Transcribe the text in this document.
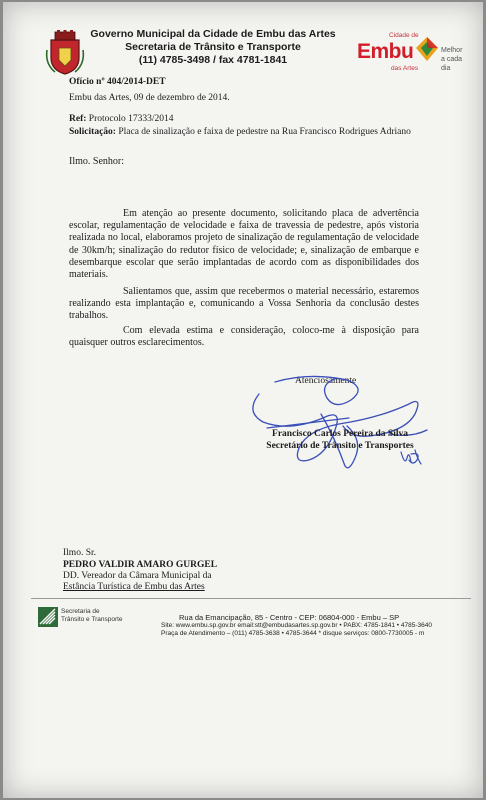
Governo Municipal da Cidade de Embu das Artes
Secretaria de Trânsito e Transporte
(11) 4785-3498 / fax 4781-1841
Cidade de
Embu
das Artes
Melhor
a cada dia
Ofício nº 404/2014-DET
Embu das Artes, 09 de dezembro de 2014.
Ref: Protocolo 17333/2014
Solicitação: Placa de sinalização e faixa de pedestre na Rua Francisco Rodrigues Adriano
Ilmo. Senhor:
Em atenção ao presente documento, solicitando placa de advertência escolar, regulamentação de velocidade e faixa de travessia de pedestre, após vistoria realizada no local, elaboramos projeto de sinalização de regulamentação de velocidade de 30km/h; sinalização do redutor físico de velocidade; e, sinalização de embarque e desembarque escolar que serão implantadas de acordo com as disponibilidades dos materiais.
Salientamos que, assim que recebermos o material necessário, estaremos realizando esta implantação e, comunicando a Vossa Senhoria da conclusão destes trabalhos.
Com elevada estima e consideração, coloco-me à disposição para quaisquer outros esclarecimentos.
Atenciosamente
Francisco Carlos Pereira da Silva
Secretário de Trânsito e Transportes
Ilmo. Sr.
PEDRO VALDIR AMARO GURGEL
DD. Vereador da Câmara Municipal da
Estância Turística de Embu das Artes
Secretaria de
Trânsito e Transporte	Rua da Emancipação, 85 - Centro - CEP: 06804-000 - Embu – SP
Site: www.embu.sp.gov.br email:stt@embudasartes.sp.gov.br • PABX: 4785-1841 • 4785-3640
Praça de Atendimento – (011) 4785-3638 • 4785-3644 * disque serviços: 0800-7730005 - m
